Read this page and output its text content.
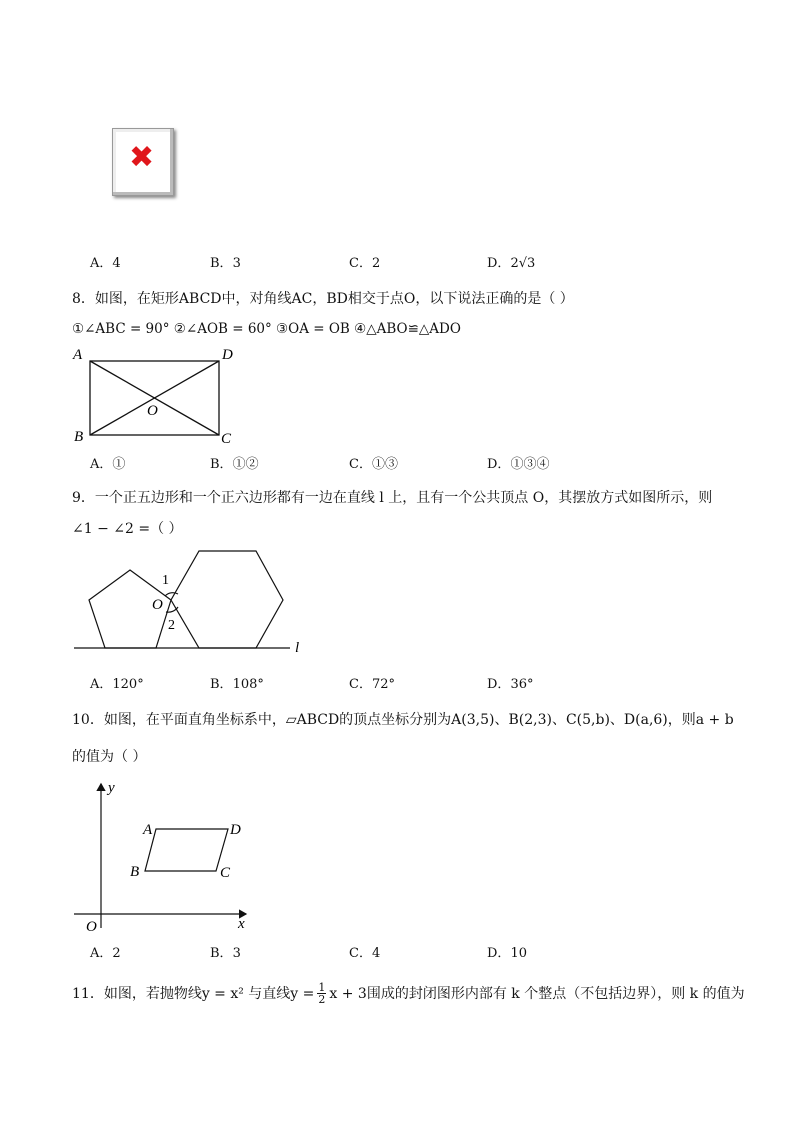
✖
A．4	B．3	C．2	D．2√3
8．如图，在矩形ABCD中，对角线AC，BD相交于点O，以下说法正确的是（ ）
①∠ABC = 90° ②∠AOB = 60° ③OA = OB ④△ABO≌△ADO
A	D
B	C
O
A．①	B．①②	C．①③	D．①③④
9．一个正五边形和一个正六边形都有一边在直线 l 上，且有一个公共顶点 O，其摆放方式如图所示，则
∠1 − ∠2 =（ ）
1
O
2
l
A．120°	B．108°	C．72°	D．36°
10．如图，在平面直角坐标系中，▱ABCD的顶点坐标分别为A(3,5)、B(2,3)、C(5,b)、D(a,6)，则a + b
的值为（ ）
y
x
O
A	D
B	C
A．2	B．3	C．4	D．10
11．如图，若抛物线y = x² 与直线$y = \frac{1}{2}$ x + 3围成的封闭图形内部有 k 个整点（不包括边界），则 k 的值为
